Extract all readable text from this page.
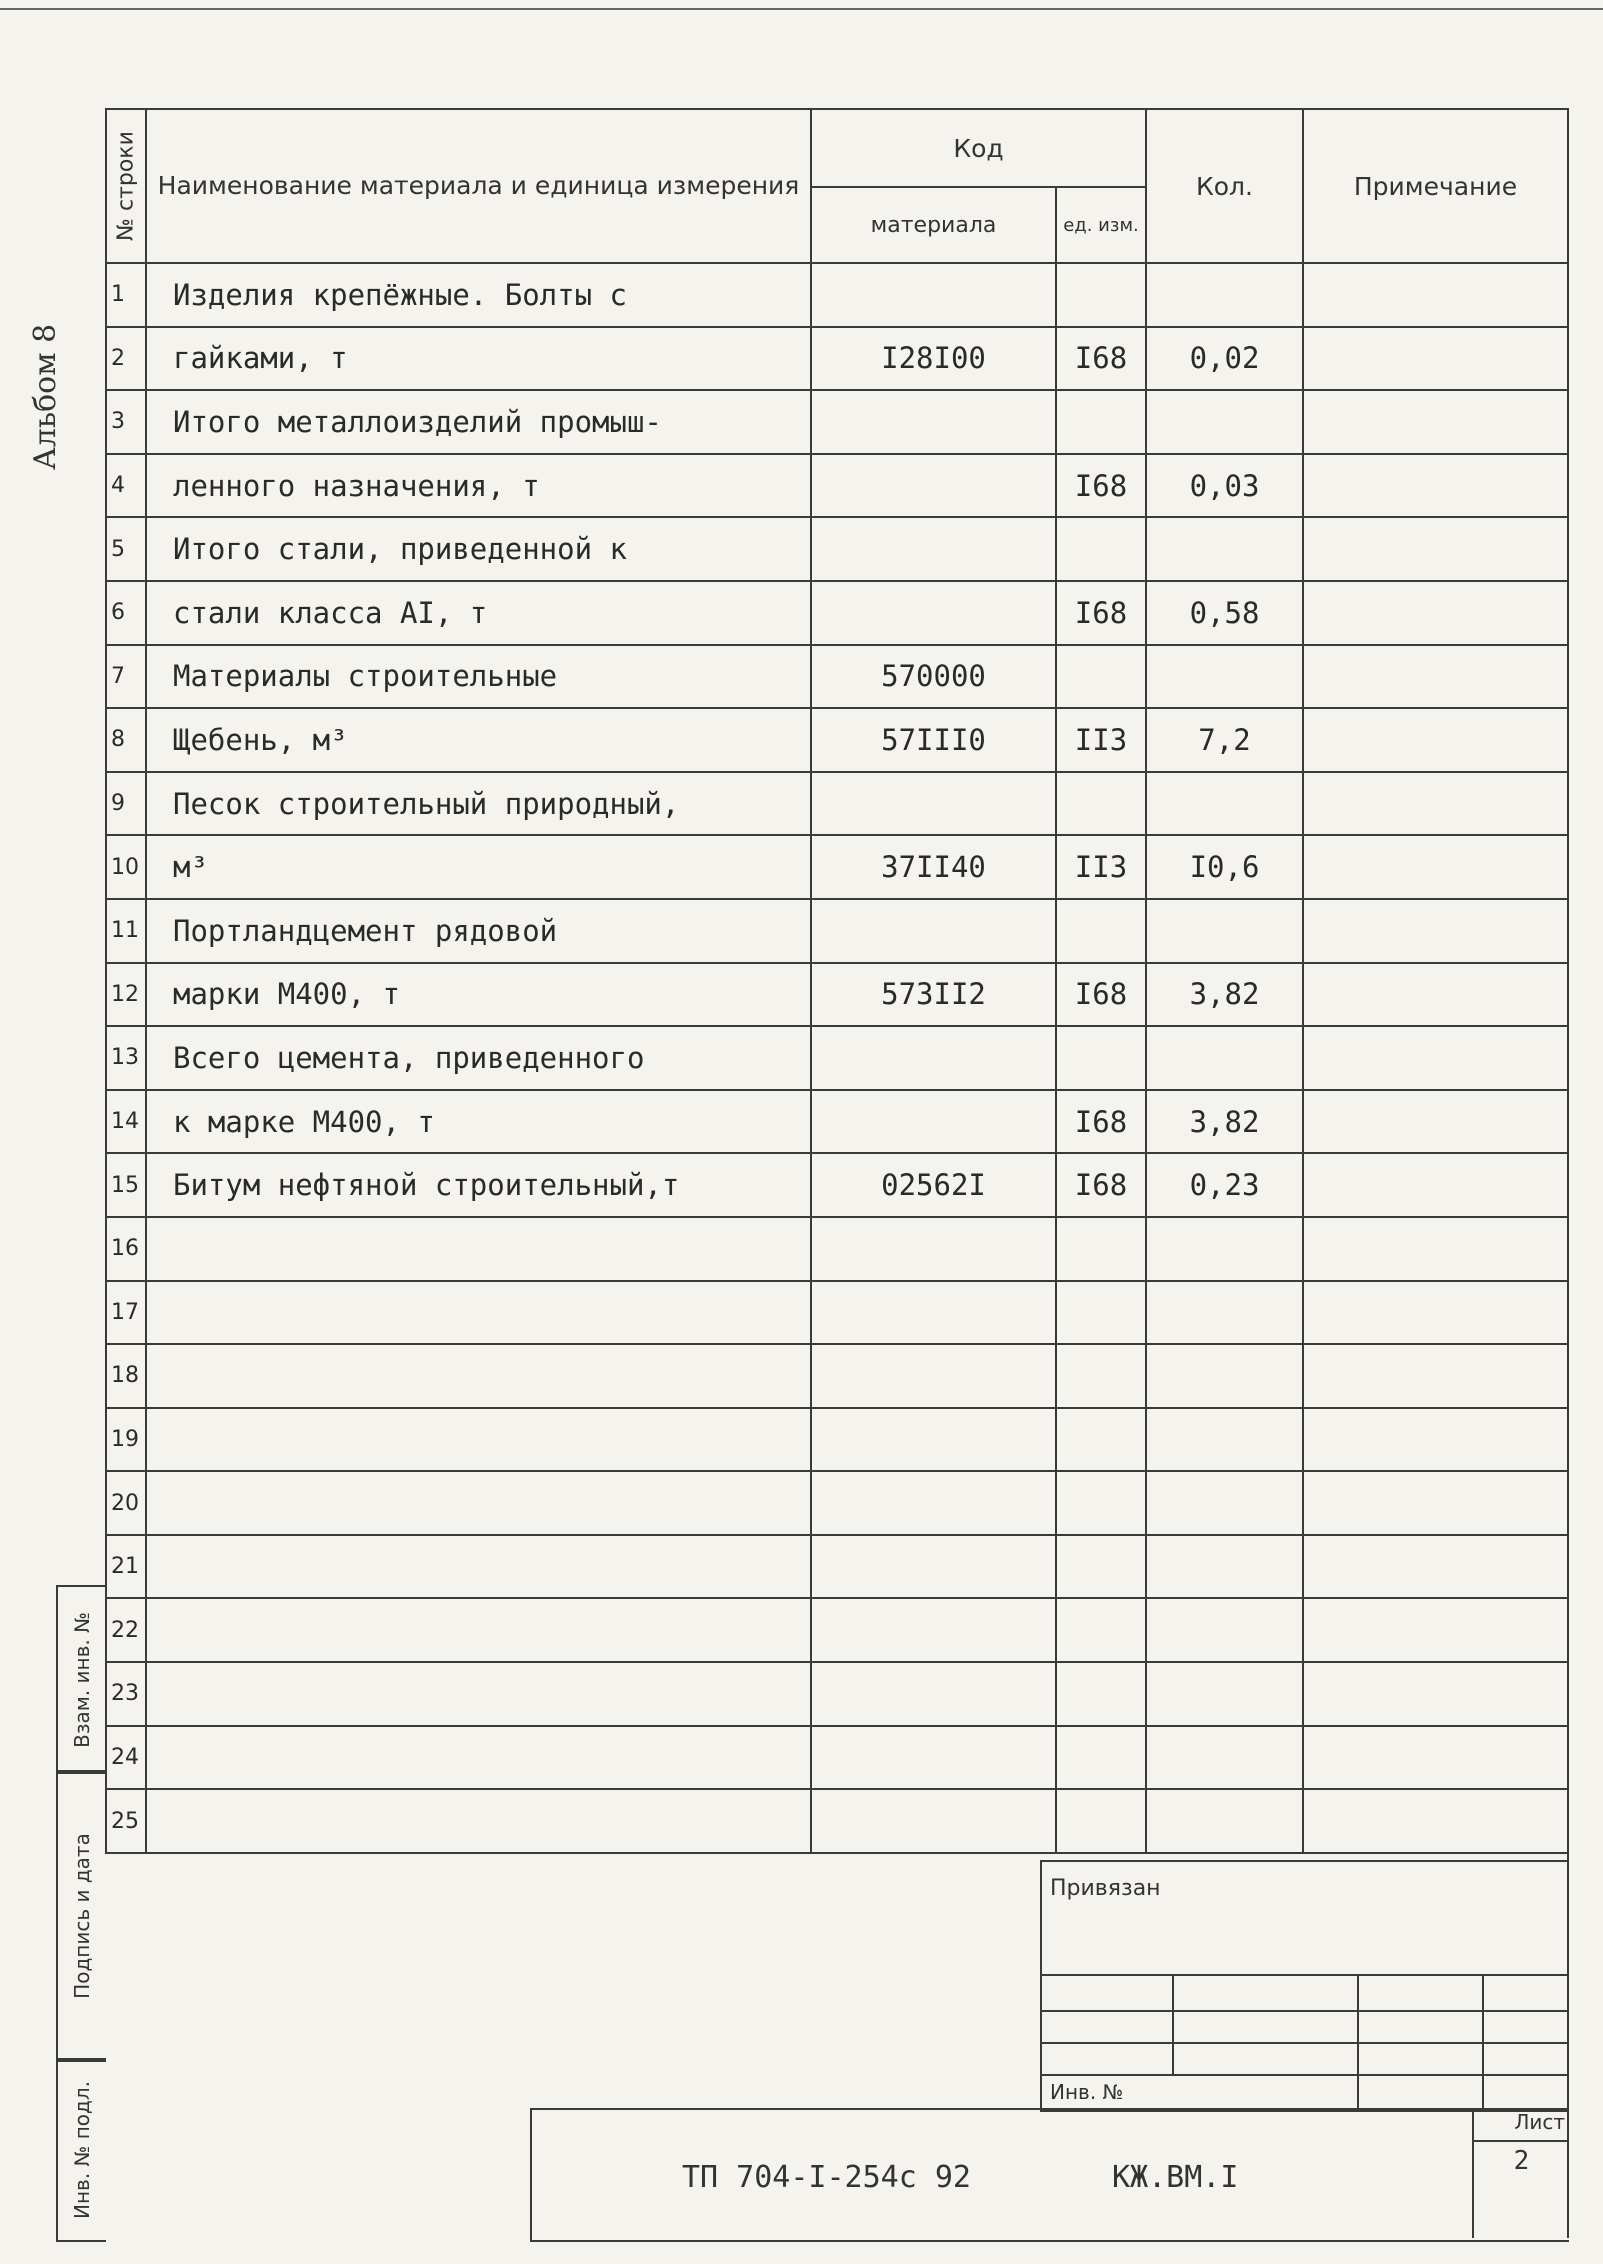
Альбом 8
№ строки	Наименование материала и единица измерения	Код		Кол.	Примечание
		материала	ед. изм.		
1	Изделия крепёжные. Болты с				
2	гайками, т	I28I00	I68	0,02	
3	Итого металлоизделий промыш-				
4	ленного назначения, т		I68	0,03	
5	Итого стали, приведенной к				
6	стали класса АI, т		I68	0,58	
7	Материалы строительные	570000			
8	Щебень, м³	57III0	II3	7,2	
9	Песок строительный природный,				
10	м³	37II40	II3	I0,6	
11	Портландцемент рядовой				
12	марки М400, т	573II2	I68	3,82	
13	Всего цемента, приведенного				
14	к марке М400, т		I68	3,82	
15	Битум нефтяной строительный,т	02562I	I68	0,23	
16					
17					
18					
19					
20					
21					
22					
23					
24					
25					
Взам. инв. №
Подпись и дата
Инв. № подл.
Привязан
Инв. №
ТП 704-I-254с 92	КЖ.ВМ.I
Лист
2
